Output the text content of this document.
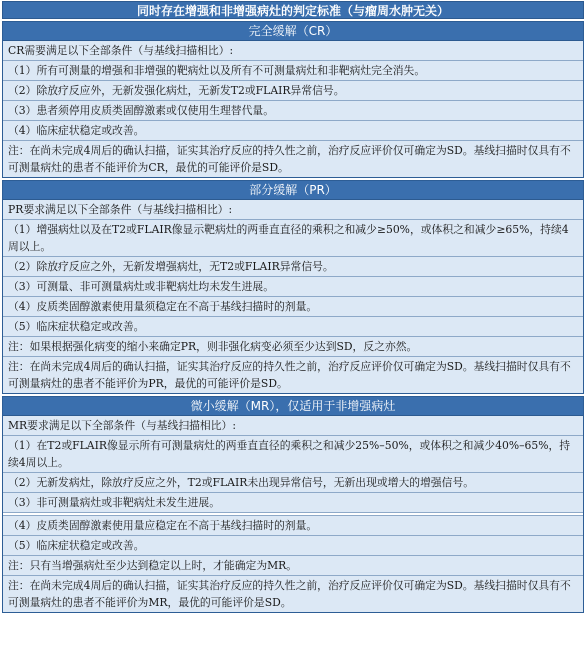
同时存在增强和非增强病灶的判定标准（与瘤周水肿无关）
完全缓解（CR）
CR需要满足以下全部条件（与基线扫描相比）:
（1）所有可测量的增强和非增强的靶病灶以及所有不可测量病灶和非靶病灶完全消失。
（2）除放疗反应外，无新发强化病灶，无新发T2或FLAIR异常信号。
（3）患者须停用皮质类固醇激素或仅使用生理替代量。
（4）临床症状稳定或改善。
注：在尚未完成4周后的确认扫描，证实其治疗反应的持久性之前，治疗反应评价仅可确定为SD。基线扫描时仅具有不可测量病灶的患者不能评价为CR，最优的可能评价是SD。
部分缓解（PR）
PR要求满足以下全部条件（与基线扫描相比）:
（1）增强病灶以及在T2或FLAIR像显示靶病灶的两垂直直径的乘积之和减少≥50%，或体积之和减少≥65%，持续4周以上。
（2）除放疗反应之外，无新发增强病灶，无T2或FLAIR异常信号。
（3）可测量、非可测量病灶或非靶病灶均未发生进展。
（4）皮质类固醇激素使用量须稳定在不高于基线扫描时的剂量。
（5）临床症状稳定或改善。
注：如果根据强化病变的缩小来确定PR，则非强化病变必须至少达到SD，反之亦然。
注：在尚未完成4周后的确认扫描，证实其治疗反应的持久性之前，治疗反应评价仅可确定为SD。基线扫描时仅具有不可测量病灶的患者不能评价为PR，最优的可能评价是SD。
微小缓解（MR），仅适用于非增强病灶
MR要求满足以下全部条件（与基线扫描相比）:
（1）在T2或FLAIR像显示所有可测量病灶的两垂直直径的乘积之和减少25%–50%，或体积之和减少40%–65%，持续4周以上。
（2）无新发病灶，除放疗反应之外，T2或FLAIR未出现异常信号，无新出现或增大的增强信号。
（3）非可测量病灶或非靶病灶未发生进展。
（4）皮质类固醇激素使用量应稳定在不高于基线扫描时的剂量。
（5）临床症状稳定或改善。
注：只有当增强病灶至少达到稳定以上时，才能确定为MR。
注：在尚未完成4周后的确认扫描，证实其治疗反应的持久性之前，治疗反应评价仅可确定为SD。基线扫描时仅具有不可测量病灶的患者不能评价为MR，最优的可能评价是SD。
